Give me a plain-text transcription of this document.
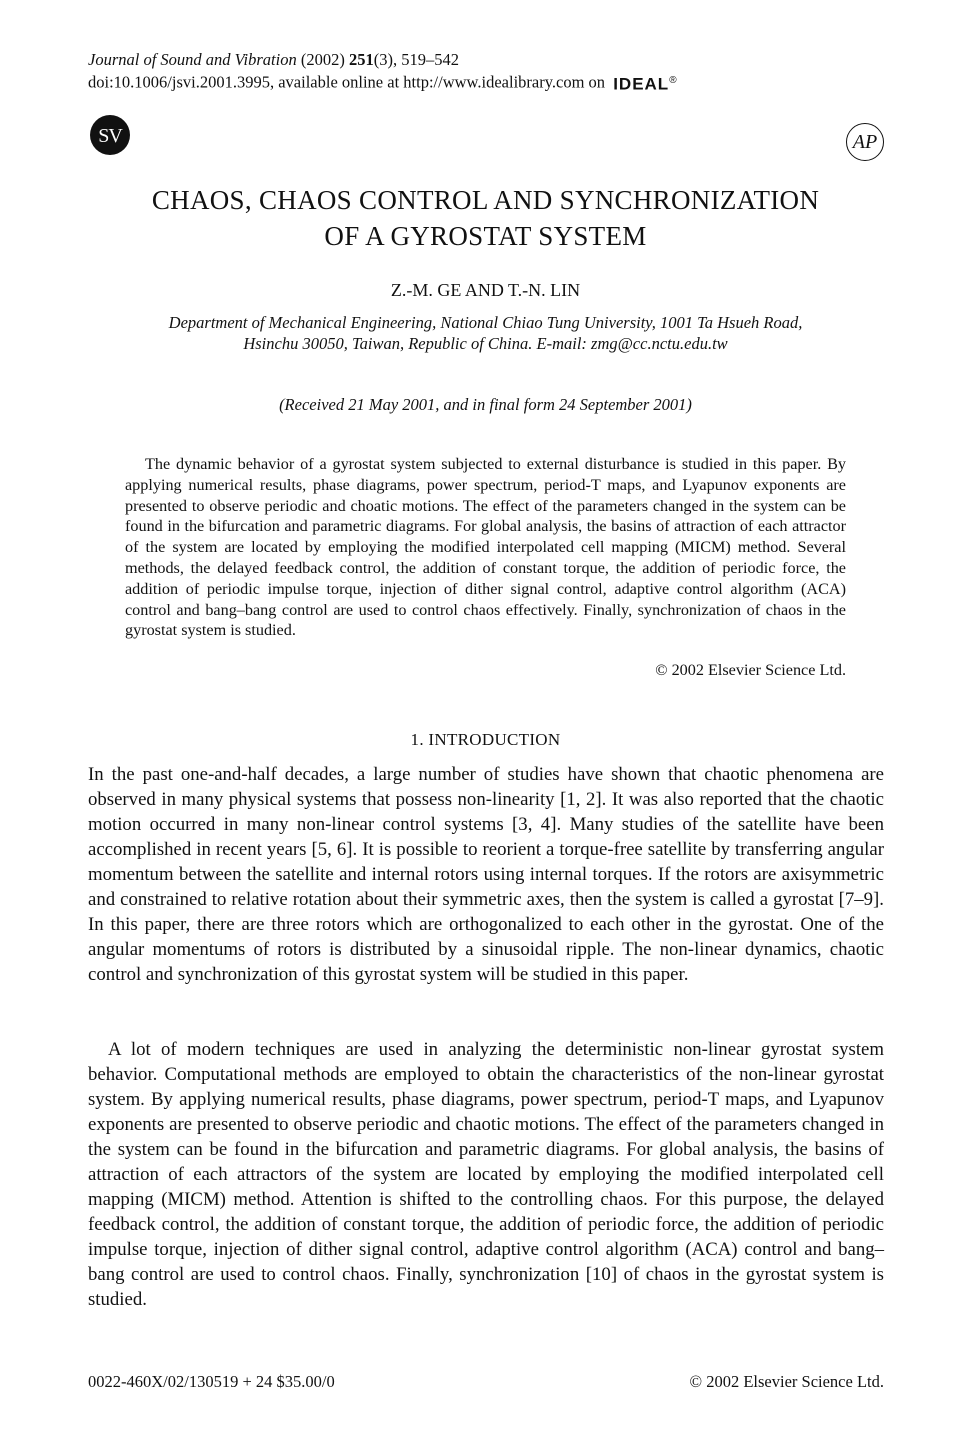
Journal of Sound and Vibration (2002) 251(3), 519–542
doi:10.1006/jsvi.2001.3995, available online at http://www.idealibrary.com on IDEAL®
SV	AP
CHAOS, CHAOS CONTROL AND SYNCHRONIZATION
OF A GYROSTAT SYSTEM
Z.-M. GE AND T.-N. LIN
Department of Mechanical Engineering, National Chiao Tung University, 1001 Ta Hsueh Road,
Hsinchu 30050, Taiwan, Republic of China. E-mail: zmg@cc.nctu.edu.tw
(Received 21 May 2001, and in final form 24 September 2001)
The dynamic behavior of a gyrostat system subjected to external disturbance is studied in this paper. By applying numerical results, phase diagrams, power spectrum, period-T maps, and Lyapunov exponents are presented to observe periodic and choatic motions. The effect of the parameters changed in the system can be found in the bifurcation and parametric diagrams. For global analysis, the basins of attraction of each attractor of the system are located by employing the modified interpolated cell mapping (MICM) method. Several methods, the delayed feedback control, the addition of constant torque, the addition of periodic force, the addition of periodic impulse torque, injection of dither signal control, adaptive control algorithm (ACA) control and bang–bang control are used to control chaos effectively. Finally, synchronization of chaos in the gyrostat system is studied.
© 2002 Elsevier Science Ltd.
1. INTRODUCTION
In the past one-and-half decades, a large number of studies have shown that chaotic phenomena are observed in many physical systems that possess non-linearity [1, 2]. It was also reported that the chaotic motion occurred in many non-linear control systems [3, 4]. Many studies of the satellite have been accomplished in recent years [5, 6]. It is possible to reorient a torque-free satellite by transferring angular momentum between the satellite and internal rotors using internal torques. If the rotors are axisymmetric and constrained to relative rotation about their symmetric axes, then the system is called a gyrostat [7–9]. In this paper, there are three rotors which are orthogonalized to each other in the gyrostat. One of the angular momentums of rotors is distributed by a sinusoidal ripple. The non-linear dynamics, chaotic control and synchronization of this gyrostat system will be studied in this paper.
A lot of modern techniques are used in analyzing the deterministic non-linear gyrostat system behavior. Computational methods are employed to obtain the characteristics of the non-linear gyrostat system. By applying numerical results, phase diagrams, power spectrum, period-T maps, and Lyapunov exponents are presented to observe periodic and chaotic motions. The effect of the parameters changed in the system can be found in the bifurcation and parametric diagrams. For global analysis, the basins of attraction of each attractors of the system are located by employing the modified interpolated cell mapping (MICM) method. Attention is shifted to the controlling chaos. For this purpose, the delayed feedback control, the addition of constant torque, the addition of periodic force, the addition of periodic impulse torque, injection of dither signal control, adaptive control algorithm (ACA) control and bang–bang control are used to control chaos. Finally, synchronization [10] of chaos in the gyrostat system is studied.
0022-460X/02/130519 + 24 $35.00/0	© 2002 Elsevier Science Ltd.
